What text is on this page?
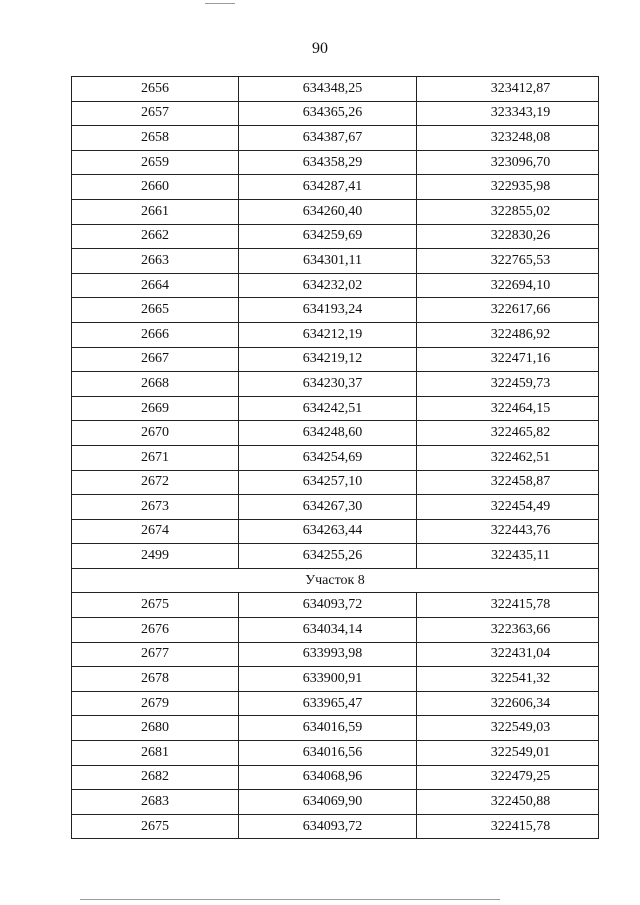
90
2656	634348,25	323412,87
2657	634365,26	323343,19
2658	634387,67	323248,08
2659	634358,29	323096,70
2660	634287,41	322935,98
2661	634260,40	322855,02
2662	634259,69	322830,26
2663	634301,11	322765,53
2664	634232,02	322694,10
2665	634193,24	322617,66
2666	634212,19	322486,92
2667	634219,12	322471,16
2668	634230,37	322459,73
2669	634242,51	322464,15
2670	634248,60	322465,82
2671	634254,69	322462,51
2672	634257,10	322458,87
2673	634267,30	322454,49
2674	634263,44	322443,76
2499	634255,26	322435,11
Участок 8		
2675	634093,72	322415,78
2676	634034,14	322363,66
2677	633993,98	322431,04
2678	633900,91	322541,32
2679	633965,47	322606,34
2680	634016,59	322549,03
2681	634016,56	322549,01
2682	634068,96	322479,25
2683	634069,90	322450,88
2675	634093,72	322415,78
